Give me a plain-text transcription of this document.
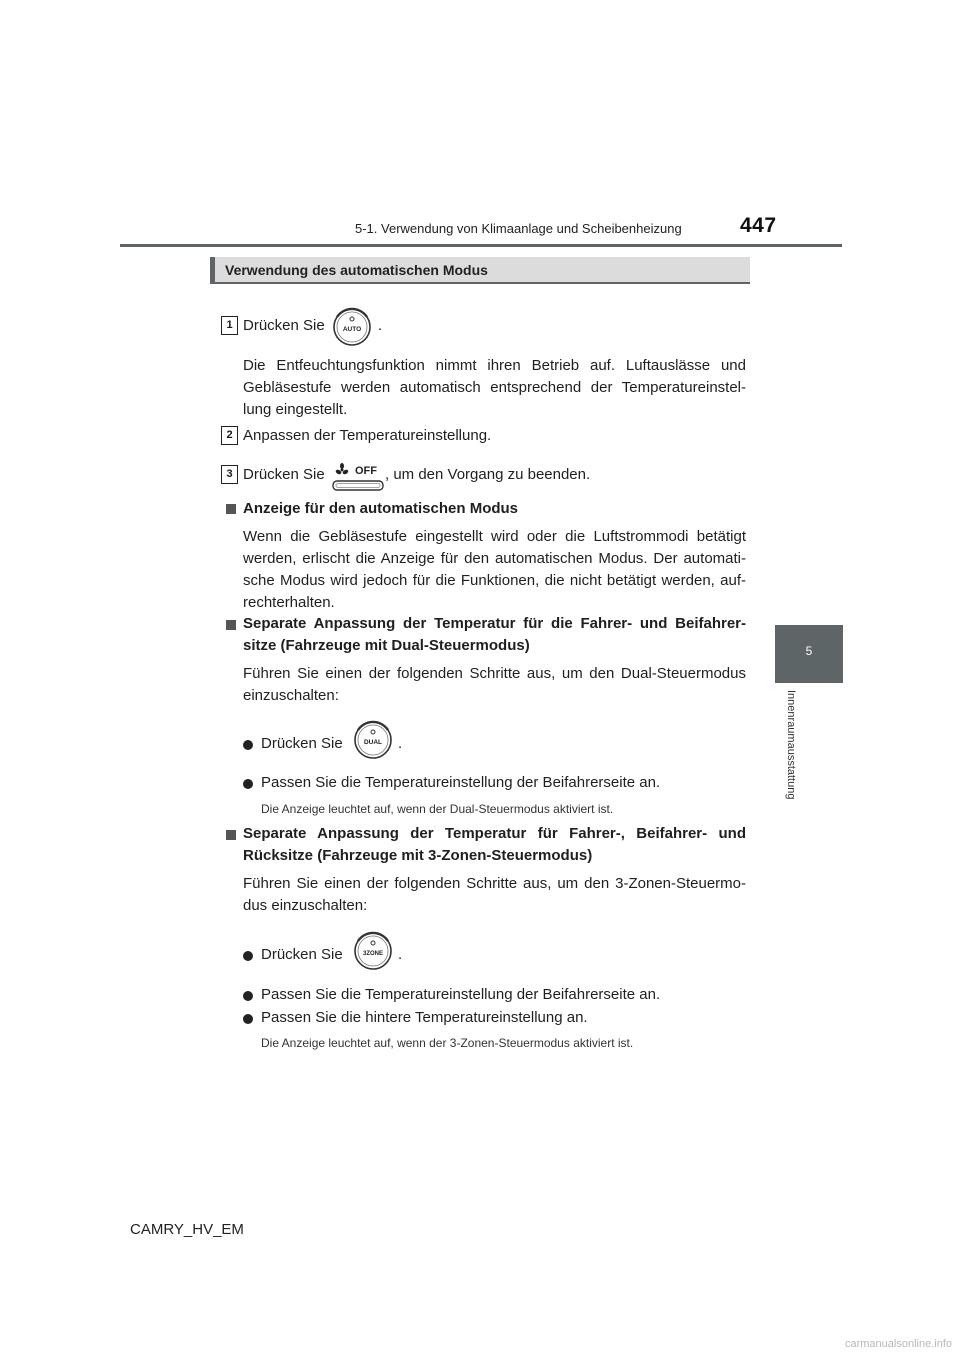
5-1. Verwendung von Klimaanlage und Scheibenheizung	447
5
Innenraumausstattung
Verwendung des automatischen Modus
1 Drücken Sie	AUTO .
Die Entfeuchtungsfunktion nimmt ihren Betrieb auf. Luftauslässe und Gebläsestufe werden automatisch entsprechend der Temperatureinstel-lung eingestellt.
2 Anpassen der Temperatureinstellung.
3 Drücken Sie	OFF , um den Vorgang zu beenden.
Anzeige für den automatischen Modus
Wenn die Gebläsestufe eingestellt wird oder die Luftstrommodi betätigt werden, erlischt die Anzeige für den automatischen Modus. Der automati-sche Modus wird jedoch für die Funktionen, die nicht betätigt werden, auf-rechterhalten.
Separate Anpassung der Temperatur für die Fahrer- und Beifahrer-sitze (Fahrzeuge mit Dual-Steuermodus)
Führen Sie einen der folgenden Schritte aus, um den Dual-Steuermodus einzuschalten:
Drücken Sie	DUAL .
Passen Sie die Temperatureinstellung der Beifahrerseite an.
Die Anzeige leuchtet auf, wenn der Dual-Steuermodus aktiviert ist.
Separate Anpassung der Temperatur für Fahrer-, Beifahrer- und Rücksitze (Fahrzeuge mit 3-Zonen-Steuermodus)
Führen Sie einen der folgenden Schritte aus, um den 3-Zonen-Steuermo-dus einzuschalten:
Drücken Sie	3ZONE .
Passen Sie die Temperatureinstellung der Beifahrerseite an.
Passen Sie die hintere Temperatureinstellung an.
Die Anzeige leuchtet auf, wenn der 3-Zonen-Steuermodus aktiviert ist.
CAMRY_HV_EM
carmanualsonline.info
